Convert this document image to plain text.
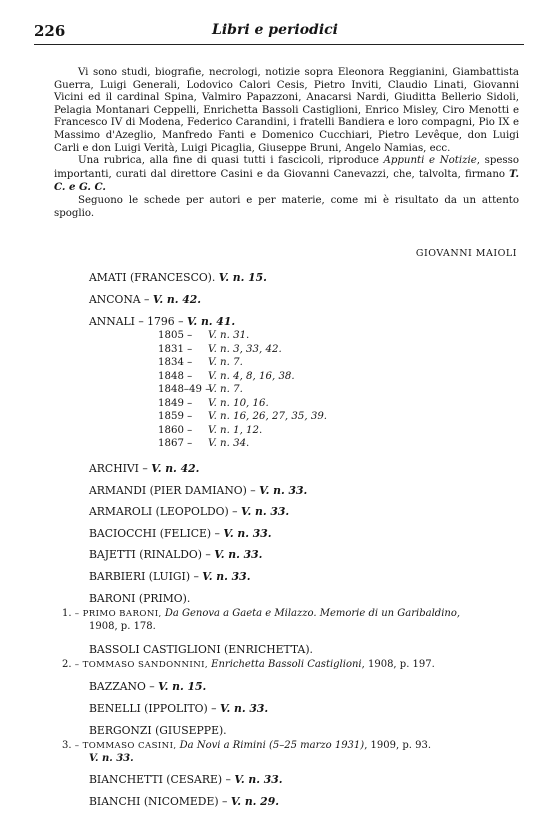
226	Libri e periodici

Vi sono studi, biografie, necrologi, notizie sopra Eleonora Reggianini, Giambattista Guerra, Luigi Generali, Lodovico Calori Cesis, Pietro Inviti, Claudio Linati, Giovanni Vicini ed il cardinal Spina, Valmiro Papazzoni, Anacarsi Nardi, Giuditta Bellerio Sidoli, Pelagia Montanari Ceppelli, Enrichetta Bassoli Castiglioni, Enrico Misley, Ciro Menotti e Francesco IV di Modena, Federico Carandini, i fratelli Bandiera e loro compagni, Pio IX e Massimo d'Azeglio, Manfredo Fanti e Domenico Cucchiari, Pietro Levêque, don Luigi Carli e don Luigi Verità, Luigi Picaglia, Giuseppe Bruni, Angelo Namias, ecc.

Una rubrica, alla fine di quasi tutti i fascicoli, riproduce Appunti e Notizie, spesso importanti, curati dal direttore Casini e da Giovanni Canevazzi, che, talvolta, firmano T. C. e G. C.

Seguono le schede per autori e per materie, come mi è risultato da un attento spoglio.

GIOVANNI MAIOLI
AMATI (FRANCESCO). V. n. 15.
ANCONA – V. n. 42.
ANNALI – 1796 – V. n. 41.
1805 – V. n. 31.
1831 – V. n. 3, 33, 42.
1834 – V. n. 7.
1848 – V. n. 4, 8, 16, 38.
1848–49 –V. n. 7.
1849 – V. n. 10, 16.
1859 – V. n. 16, 26, 27, 35, 39.
1860 – V. n. 1, 12.
1867 – V. n. 34.
ARCHIVI – V. n. 42.
ARMANDI (PIER DAMIANO) – V. n. 33.
ARMAROLI (LEOPOLDO) – V. n. 33.
BACIOCCHI (FELICE) – V. n. 33.
BAJETTI (RINALDO) – V. n. 33.
BARBIERI (LUIGI) – V. n. 33.
BARONI (PRIMO).
1. – PRIMO BARONI, Da Genova a Gaeta e Milazzo. Memorie di un Garibaldino,
1908, p. 178.
BASSOLI CASTIGLIONI (ENRICHETTA).
2. – TOMMASO SANDONNINI, Enrichetta Bassoli Castiglioni, 1908, p. 197.
BAZZANO – V. n. 15.
BENELLI (IPPOLITO) – V. n. 33.
BERGONZI (GIUSEPPE).
3. – TOMMASO CASINI, Da Novi a Rimini (5–25 marzo 1931), 1909, p. 93.
V. n. 33.
BIANCHETTI (CESARE) – V. n. 33.
BIANCHI (NICOMEDE) – V. n. 29.
